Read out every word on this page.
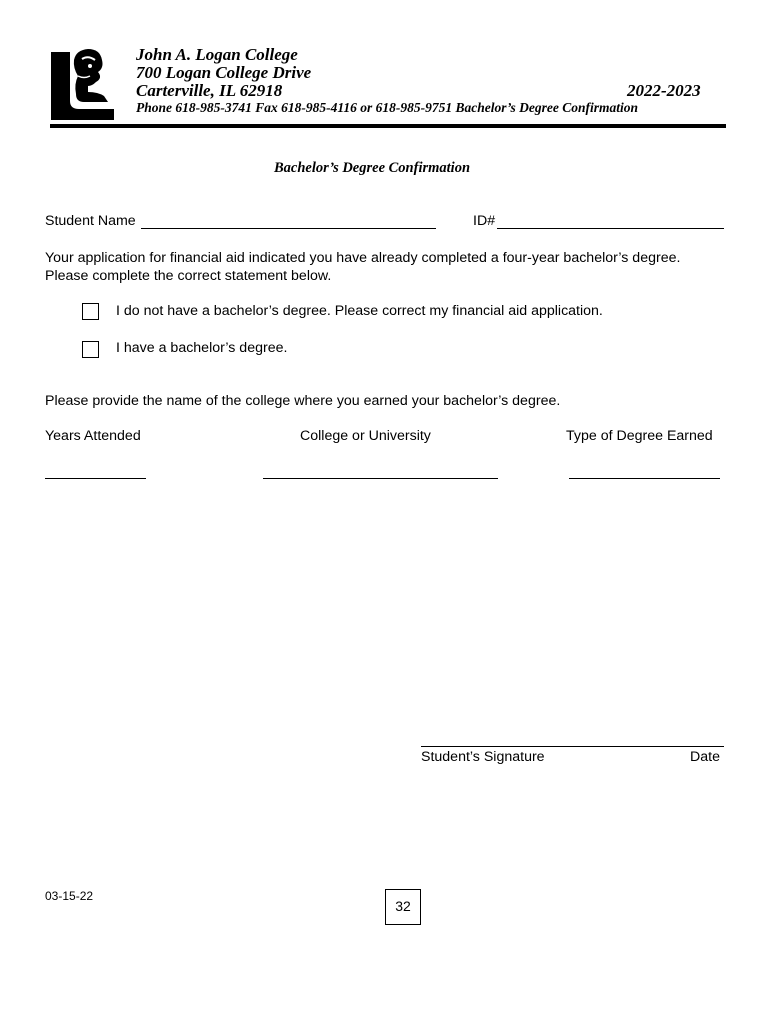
John A. Logan College
700 Logan College Drive
Carterville, IL 62918	2022-2023
Phone 618-985-3741 Fax 618-985-4116 or 618-985-9751 Bachelor’s Degree Confirmation
Bachelor’s Degree Confirmation
Student Name	ID#
Your application for financial aid indicated you have already completed a four-year bachelor’s degree.
Please complete the correct statement below.
I do not have a bachelor’s degree. Please correct my financial aid application.
I have a bachelor’s degree.
Please provide the name of the college where you earned your bachelor’s degree.
Years Attended	College or University	Type of Degree Earned
Student’s Signature	Date
03-15-22
32
